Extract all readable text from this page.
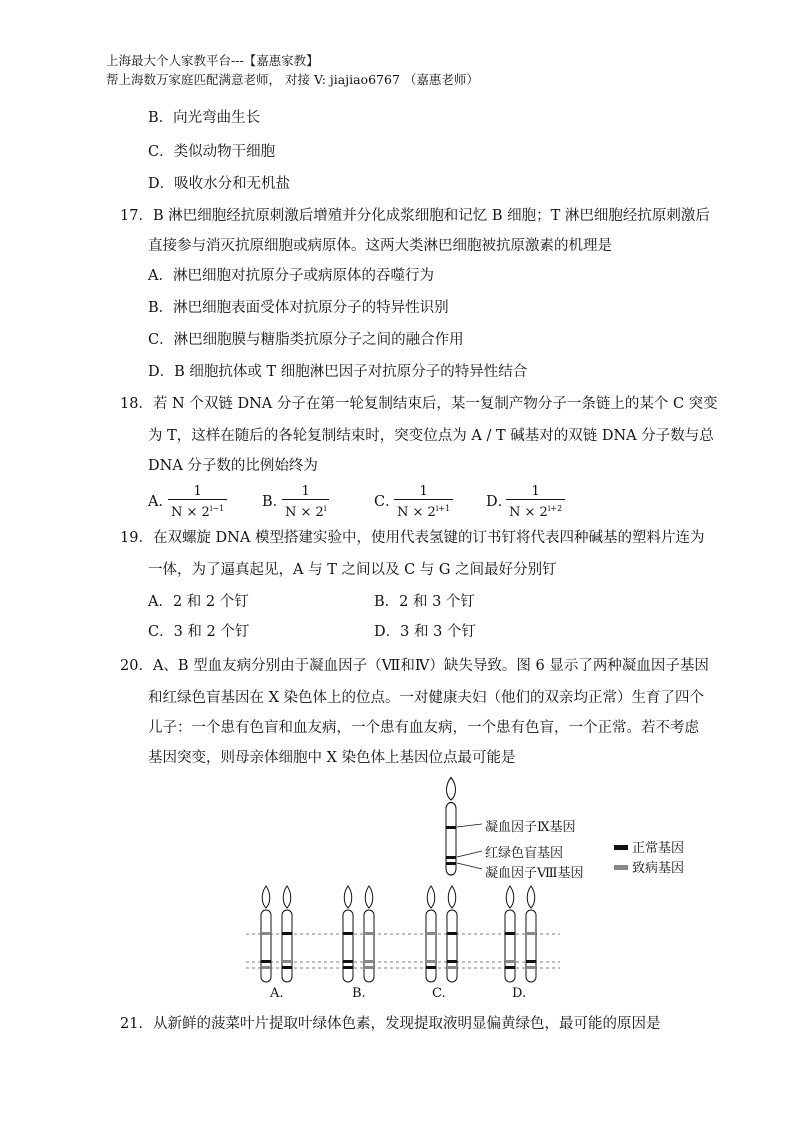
上海最大个人家教平台---【嘉惠家教】
帮上海数万家庭匹配满意老师， 对接 V: jiajiao6767 （嘉惠老师）
B．向光弯曲生长
C．类似动物干细胞
D．吸收水分和无机盐
17．B 淋巴细胞经抗原刺激后增殖并分化成浆细胞和记忆 B 细胞；T 淋巴细胞经抗原刺激后
直接参与消灭抗原细胞或病原体。这两大类淋巴细胞被抗原激素的机理是
A．淋巴细胞对抗原分子或病原体的吞噬行为
B．淋巴细胞表面受体对抗原分子的特异性识别
C．淋巴细胞膜与糖脂类抗原分子之间的融合作用
D．B 细胞抗体或 T 细胞淋巴因子对抗原分子的特异性结合
18．若 N 个双链 DNA 分子在第一轮复制结束后，某一复制产物分子一条链上的某个 C 突变
为 T，这样在随后的各轮复制结束时，突变位点为 A / T 碱基对的双链 DNA 分子数与总
DNA 分子数的比例始终为
A．
$\frac{1}{N \times 2^{i-1}}$ B．
$\frac{1}{N \times 2^i}$	C．
$\frac{1}{N \times 2^{i+1}}$ D．
$\frac{1}{N \times 2^{i+2}}$
19．在双螺旋 DNA 模型搭建实验中，使用代表氢键的订书钉将代表四种碱基的塑料片连为
一体，为了逼真起见，A 与 T 之间以及 C 与 G 之间最好分别钉
A．2 和 2 个钉	B．2 和 3 个钉
C．3 和 2 个钉	D．3 和 3 个钉
20．A、B 型血友病分别由于凝血因子（Ⅶ和Ⅳ）缺失导致。图 6 显示了两种凝血因子基因
和红绿色盲基因在 X 染色体上的位点。一对健康夫妇（他们的双亲均正常）生育了四个
儿子：一个患有色盲和血友病，一个患有血友病，一个患有色盲，一个正常。若不考虑
基因突变，则母亲体细胞中 X 染色体上基因位点最可能是
凝血因子Ⅸ基因
红绿色盲基因
凝血因子Ⅷ基因
正常基因
致病基因
A.	B.	C.	D.
21．从新鲜的菠菜叶片提取叶绿体色素，发现提取液明显偏黄绿色，最可能的原因是
